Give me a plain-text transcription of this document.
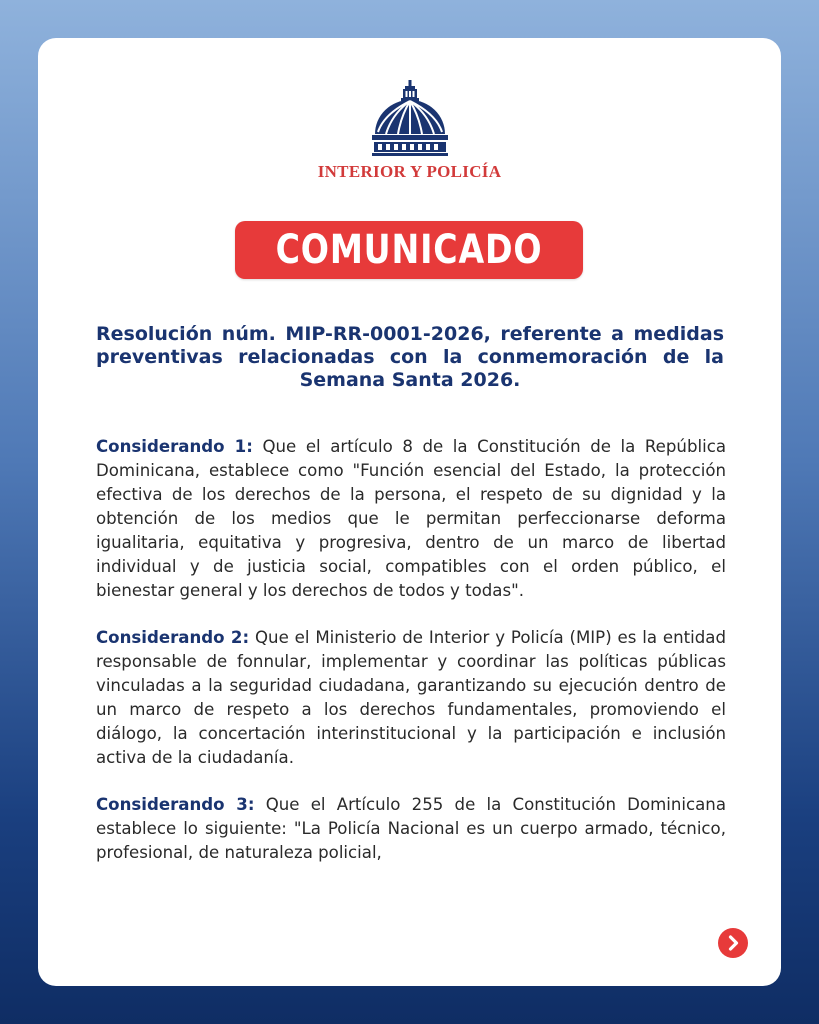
INTERIOR Y POLICÍA
COMUNICADO

Resolución núm. MIP-RR-0001-2026, referente a medidas preventivas relacionadas con la conmemoración de la Semana Santa 2026.

Considerando 1: Que el artículo 8 de la Constitución de la República Dominicana, establece como "Función esencial del Estado, la protección efectiva de los derechos de la persona, el respeto de su dignidad y la obtención de los medios que le permitan perfeccionarse deforma igualitaria, equitativa y progresiva, dentro de un marco de libertad individual y de justicia social, compatibles con el orden público, el bienestar general y los derechos de todos y todas".

Considerando 2: Que el Ministerio de Interior y Policía (MIP) es la entidad responsable de fonnular, implementar y coordinar las políticas públicas vinculadas a la seguridad ciudadana, garantizando su ejecución dentro de un marco de respeto a los derechos fundamentales, promoviendo el diálogo, la concertación interinstitucional y la participación e inclusión activa de la ciudadanía.

Considerando 3: Que el Artículo 255 de la Constitución Dominicana establece lo siguiente: "La Policía Nacional es un cuerpo armado, técnico, profesional, de naturaleza policial,
